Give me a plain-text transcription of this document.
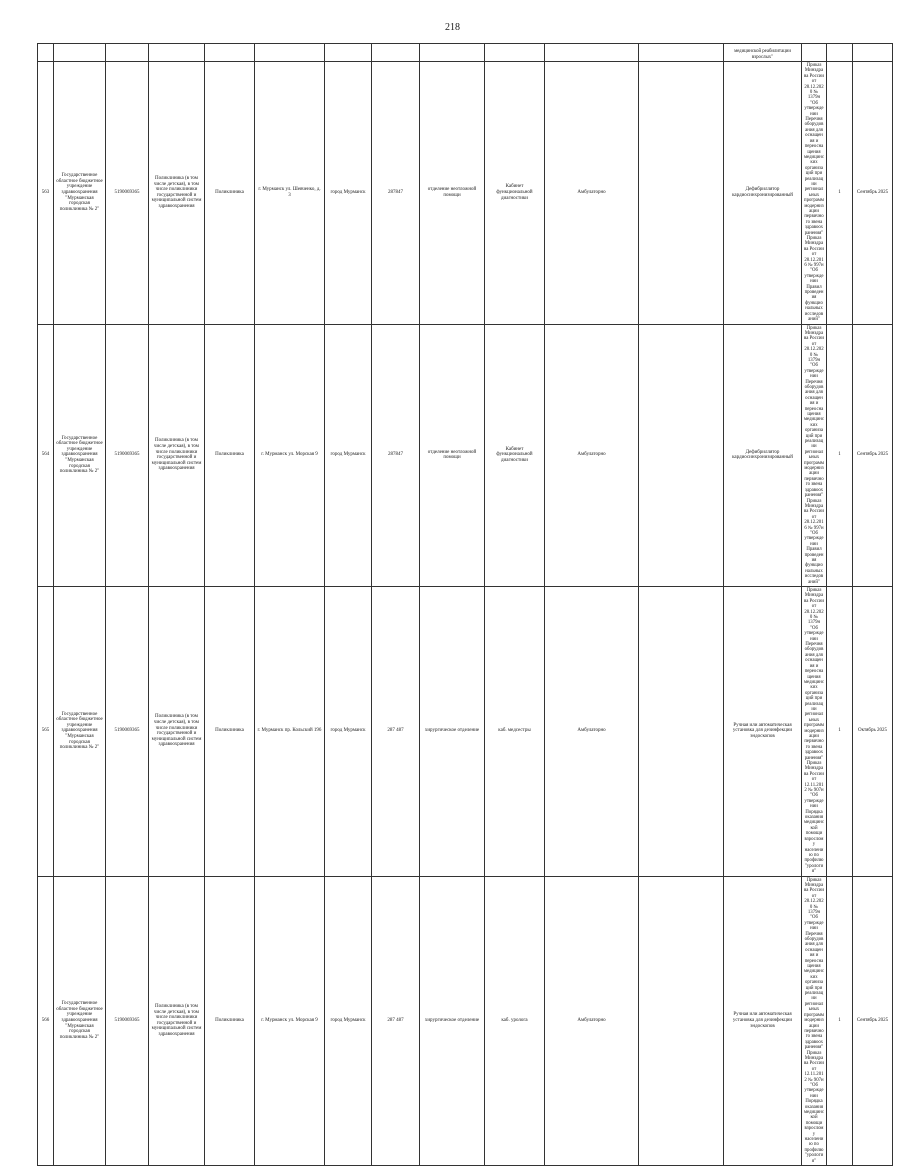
218
												медицинской реабилитации взрослых"			
563	Государственное областное бюджетное учреждение здравоохранения "Мурманская городская поликлиника № 2"	5190069365	Поликлиника (в том числе детская), в том числе поликлиники государственной и муниципальной систем здравоохранения	Поликлиника	г. Мурманск ул. Шевченко, д. 3	город Мурманск	287847	отделение неотложной помощи	Кабинет функциональной диагностики	Амбулаторно		Дефибриллятор кардиосинхронизированный	Приказ Минздрава России от 28.12.2020 № 1379н "Об утверждении Перечня оборудования для оснащения и переоснащения медицинских организаций при реализации региональных программ модернизации первичного звена здравоохранения" Приказ Минздрава России от 28.12.2016 № 997н "Об утверждении Правил проведения функциональных исследований"	1	Сентябрь 2025
564	Государственное областное бюджетное учреждение здравоохранения "Мурманская городская поликлиника № 2"	5190069365	Поликлиника (в том числе детская), в том числе поликлиники государственной и муниципальной систем здравоохранения	Поликлиника	г. Мурманск ул. Морская 9	город Мурманск	287847	отделение неотложной помощи	Кабинет функциональной диагностики	Амбулаторно		Дефибриллятор кардиосинхронизированный	Приказ Минздрава России от 28.12.2020 № 1379н "Об утверждении Перечня оборудования для оснащения и переоснащения медицинских организаций при реализации региональных программ модернизации первичного звена здравоохранения" Приказ Минздрава России от 28.12.2016 № 997н "Об утверждении Правил проведения функциональных исследований"	1	Сентябрь 2025
565	Государственное областное бюджетное учреждение здравоохранения "Мурманская городская поликлиника № 2"	5190069365	Поликлиника (в том числе детская), в том числе поликлиники государственной и муниципальной систем здравоохранения	Поликлиника	г. Мурманск пр. Кольский 196	город Мурманск	287 487	хирургическое отделение	каб. медсестры	Амбулаторно		Ручная или автоматическая установка для дезинфекции эндоскопов	Приказ Минздрава России от 28.12.2020 № 1379н "Об утверждении Перечня оборудования для оснащения и переоснащения медицинских организаций при реализации региональных программ модернизации первичного звена здравоохранения" Приказ Минздрава России от 12.11.2012 № 907н "Об утверждении Порядка оказания медицинской помощи взрослому населению по профилю "урология"	1	Октябрь 2025
566	Государственное областное бюджетное учреждение здравоохранения "Мурманская городская поликлиника № 2"	5190069365	Поликлиника (в том числе детская), в том числе поликлиники государственной и муниципальной систем здравоохранения	Поликлиника	г. Мурманск ул. Морская 9	город Мурманск	287 487	хирургическое отделение	каб. уролога	Амбулаторно		Ручная или автоматическая установка для дезинфекции эндоскопов	Приказ Минздрава России от 28.12.2020 № 1379н "Об утверждении Перечня оборудования для оснащения и переоснащения медицинских организаций при реализации региональных программ модернизации первичного звена здравоохранения" Приказ Минздрава России от 12.11.2012 № 907н "Об утверждении Порядка оказания медицинской помощи взрослому населению по профилю "урология"	1	Сентябрь 2025
